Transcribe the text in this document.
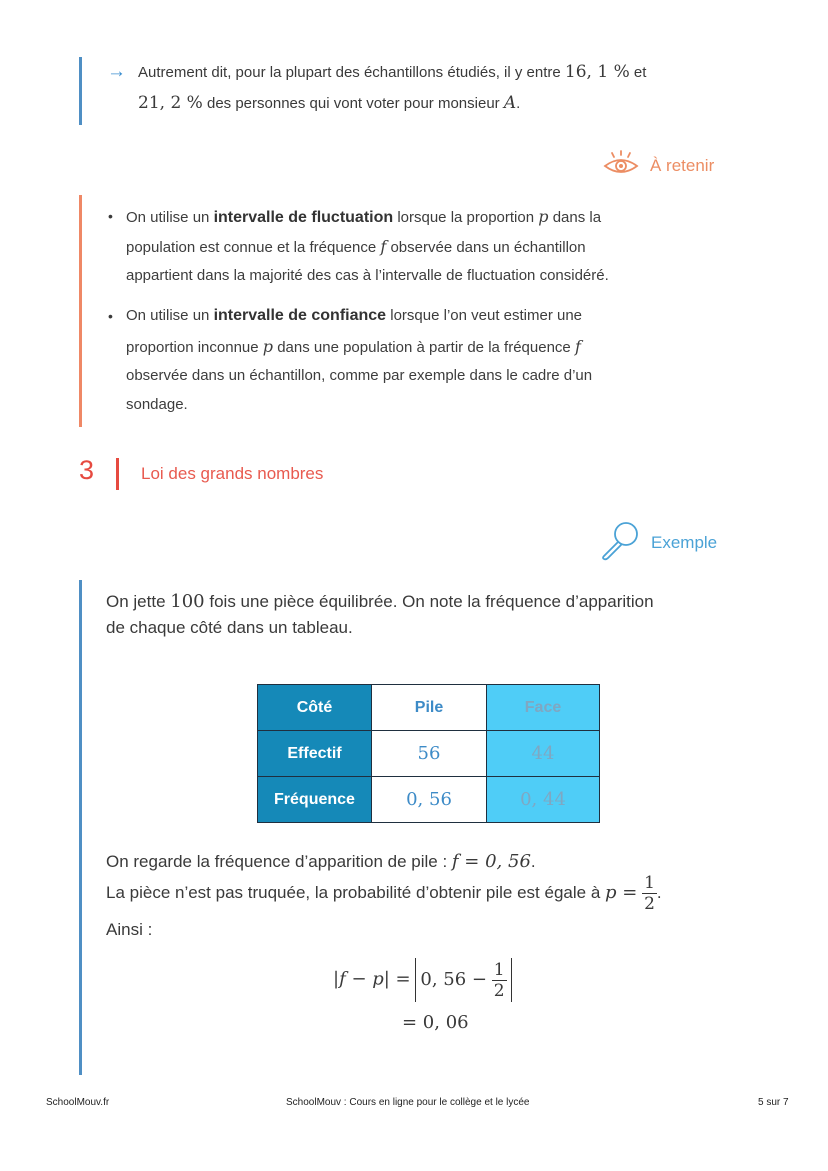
→ Autrement dit, pour la plupart des échantillons étudiés, il y entre 16, 1 % et
21, 2 % des personnes qui vont voter pour monsieur A.
À retenir
• On utilise un intervalle de fluctuation lorsque la proportion p dans la
population est connue et la fréquence f observée dans un échantillon
appartient dans la majorité des cas à l’intervalle de fluctuation considéré.
• On utilise un intervalle de confiance lorsque l’on veut estimer une
proportion inconnue p dans une population à partir de la fréquence f
observée dans un échantillon, comme par exemple dans le cadre d’un
sondage.
3	Loi des grands nombres
Exemple
On jette 100 fois une pièce équilibrée. On note la fréquence d’apparition
de chaque côté dans un tableau.
Côté	Pile	Face
Effectif	56	44
Fréquence	0, 56	0, 44
On regarde la fréquence d’apparition de pile : f = 0, 56.
La pièce n’est pas truquée, la probabilité d’obtenir pile est égale à $p = \frac{1}{2}$ .
Ainsi :
|f − p| = 0, $56 - \frac{1}{2}$
= 0, 06
SchoolMouv.fr	SchoolMouv : Cours en ligne pour le collège et le lycée	5 sur 7
